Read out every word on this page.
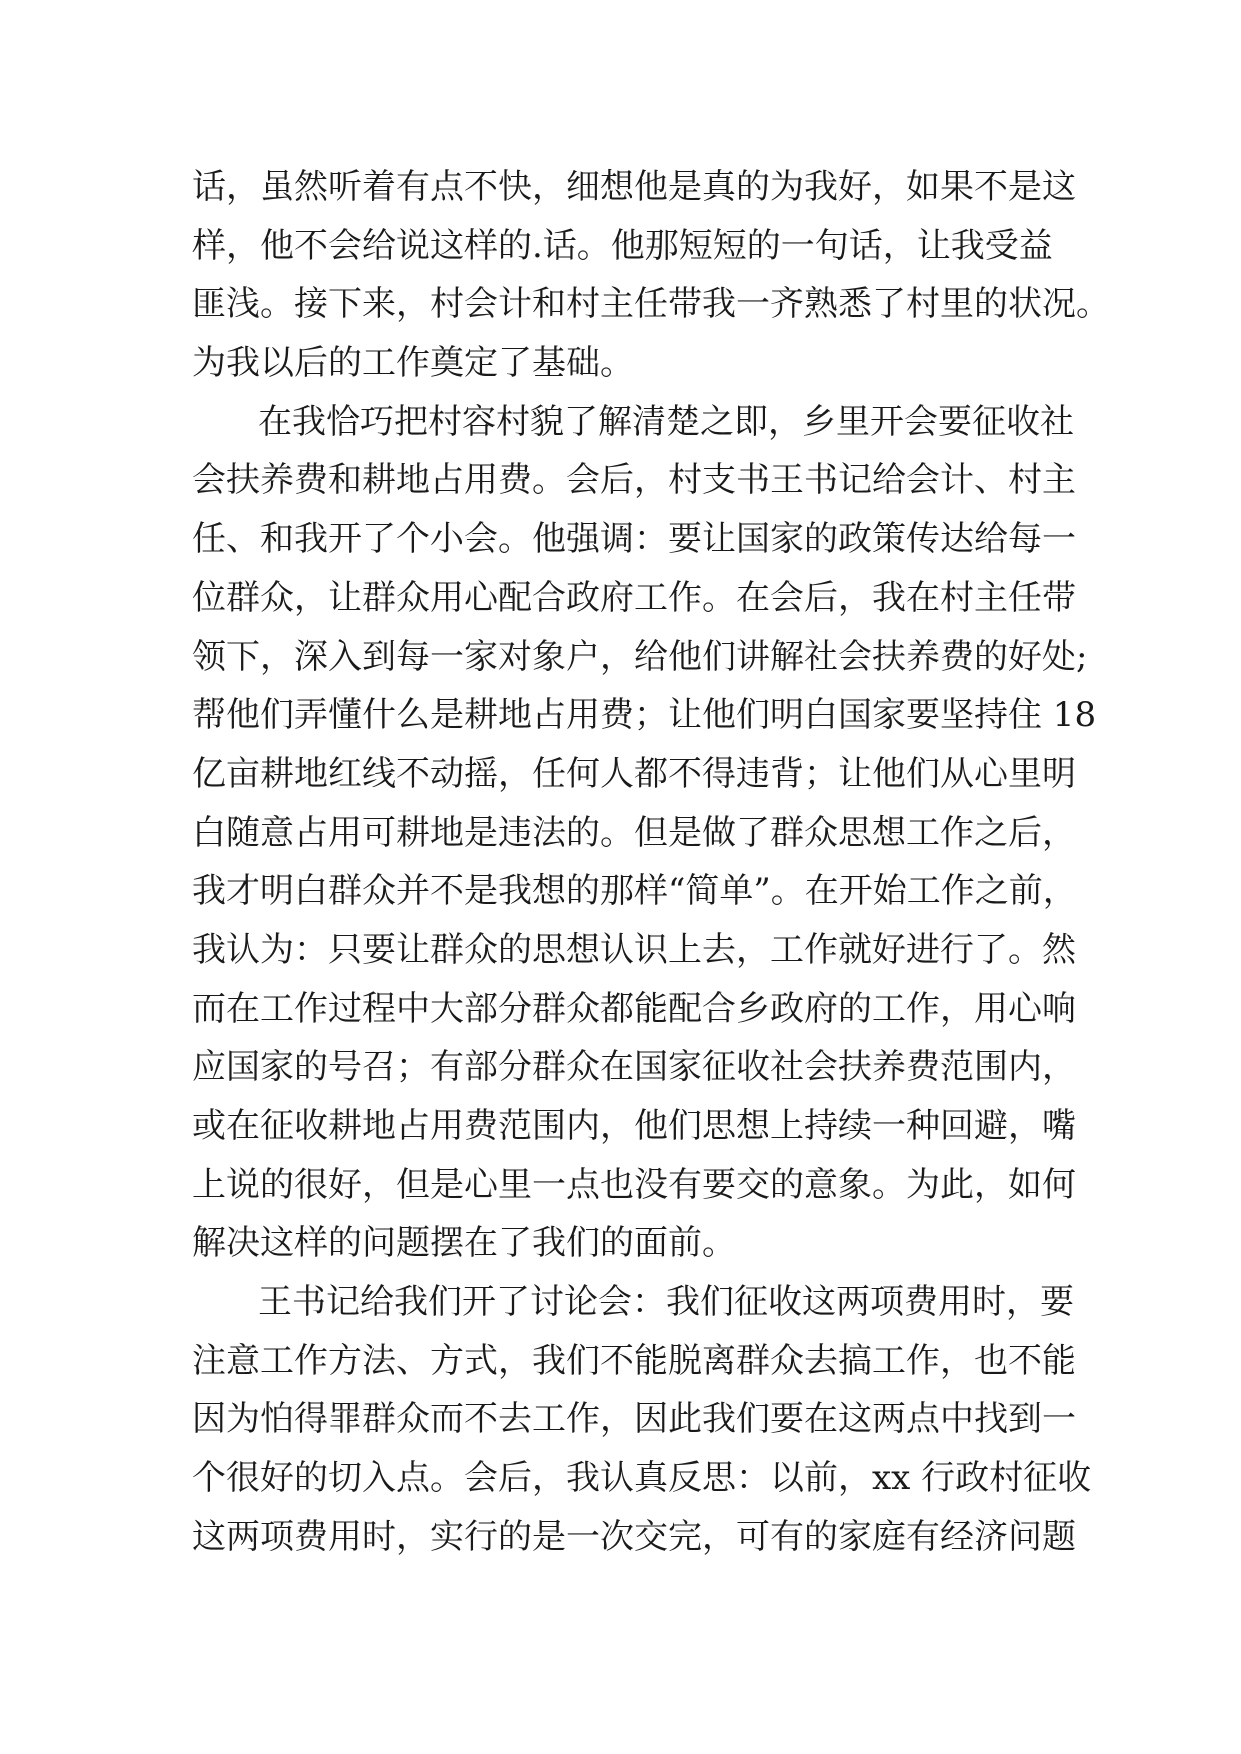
话，虽然听着有点不快，细想他是真的为我好，如果不是这
样，他不会给说这样的.话。他那短短的一句话，让我受益
匪浅。接下来，村会计和村主任带我一齐熟悉了村里的状况。
为我以后的工作奠定了基础。
在我恰巧把村容村貌了解清楚之即，乡里开会要征收社
会扶养费和耕地占用费。会后，村支书王书记给会计、村主
任、和我开了个小会。他强调：要让国家的政策传达给每一
位群众，让群众用心配合政府工作。在会后，我在村主任带
领下，深入到每一家对象户，给他们讲解社会扶养费的好处;
帮他们弄懂什么是耕地占用费；让他们明白国家要坚持住 18
亿亩耕地红线不动摇，任何人都不得违背；让他们从心里明
白随意占用可耕地是违法的。但是做了群众思想工作之后，
我才明白群众并不是我想的那样“简单”。在开始工作之前，
我认为：只要让群众的思想认识上去，工作就好进行了。然
而在工作过程中大部分群众都能配合乡政府的工作，用心响
应国家的号召；有部分群众在国家征收社会扶养费范围内，
或在征收耕地占用费范围内，他们思想上持续一种回避，嘴
上说的很好，但是心里一点也没有要交的意象。为此，如何
解决这样的问题摆在了我们的面前。
王书记给我们开了讨论会：我们征收这两项费用时，要
注意工作方法、方式，我们不能脱离群众去搞工作，也不能
因为怕得罪群众而不去工作，因此我们要在这两点中找到一
个很好的切入点。会后，我认真反思：以前，xx 行政村征收
这两项费用时，实行的是一次交完，可有的家庭有经济问题
